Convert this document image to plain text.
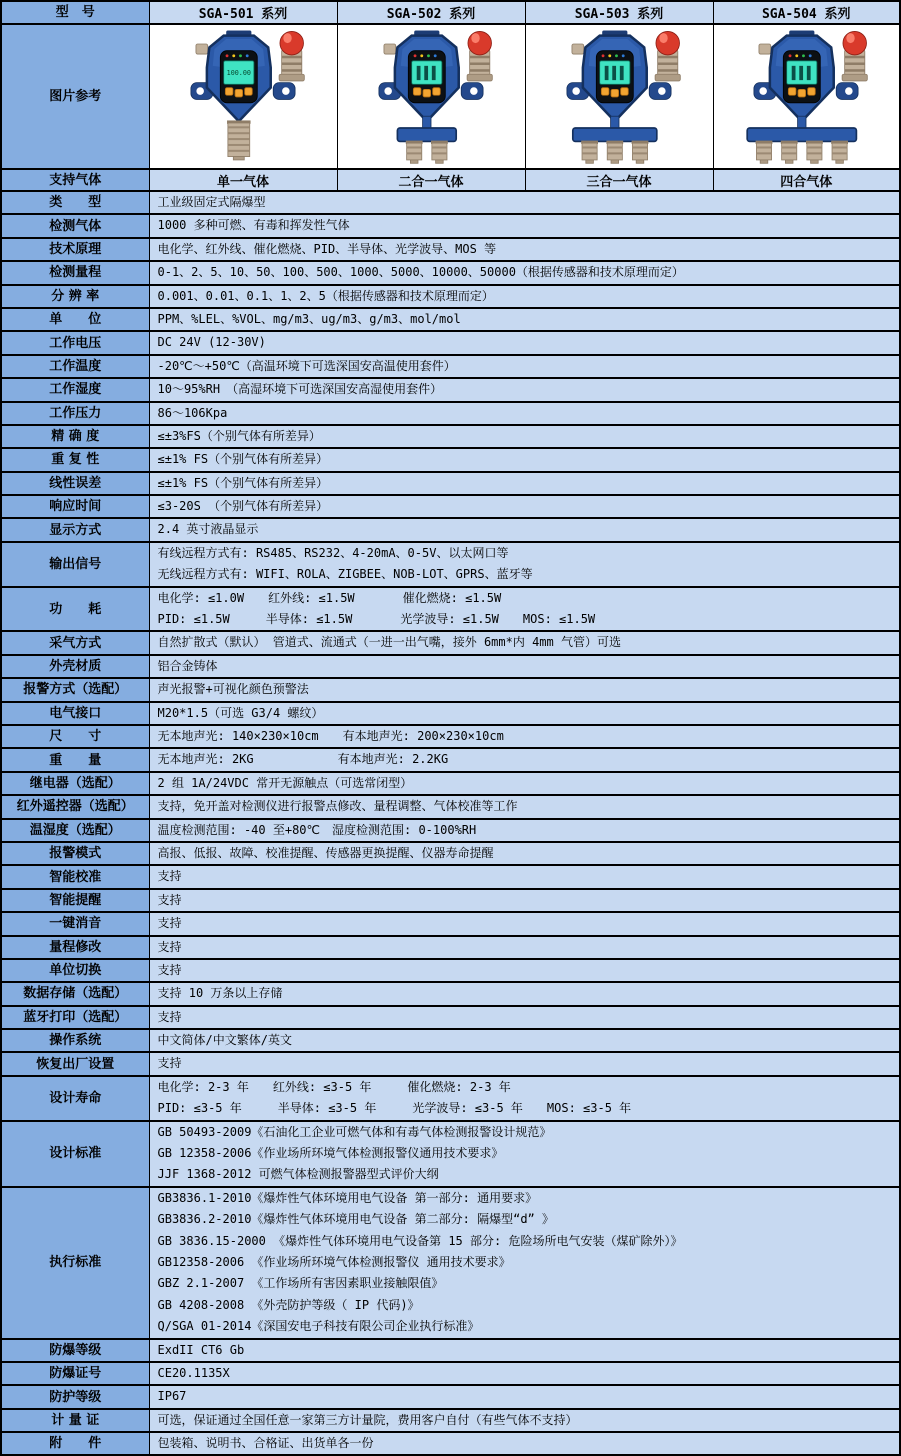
型　号	SGA-501 系列	SGA-502 系列	SGA-503 系列	SGA-504 系列
图片参考	100.00

支持气体	单一气体	二合一气体	三合一气体	四合气体
类　　型	工业级固定式隔爆型			

检测气体	1000 多种可燃、有毒和挥发性气体			

技术原理	电化学、红外线、催化燃烧、PID、半导体、光学波导、MOS 等			

检测量程	0-1、2、5、10、50、100、500、1000、5000、10000、50000（根据传感器和技术原理而定）			

分 辨 率	0.001、0.01、0.1、1、2、5（根据传感器和技术原理而定）			

单　　位	PPM、%LEL、%VOL、mg/m3、ug/m3、g/m3、mol/mol			

工作电压	DC 24V (12-30V)			

工作温度	-20℃～+50℃（高温环境下可选深国安高温使用套件）			

工作湿度	10～95%RH　（高湿环境下可选深国安高湿使用套件）			

工作压力	86～106Kpa			

精 确 度	≤±3%FS（个别气体有所差异）			

重 复 性	≤±1% FS（个别气体有所差异）			

线性误差	≤±1% FS（个别气体有所差异）			

响应时间	≤3-20S （个别气体有所差异）			

显示方式	2.4 英寸液晶显示			

输出信号	有线远程方式有: RS485、RS232、4-20mA、0-5V、以太网口等
无线远程方式有: WIFI、ROLA、ZIGBEE、NOB-LOT、GPRS、蓝牙等			

功　　耗	电化学: ≤1.0W　　红外线: ≤1.5W　　　　催化燃烧: ≤1.5W
PID: ≤1.5W　　　半导体: ≤1.5W　　　　光学波导: ≤1.5W　　MOS: ≤1.5W			

采气方式	自然扩散式（默认） 管道式、流通式（一进一出气嘴，接外 6mm*内 4mm 气管）可选			

外壳材质	铝合金铸体			

报警方式（选配）	声光报警+可视化颜色预警法			

电气接口	M20*1.5（可选 G3/4 螺纹）			

尺　　寸	无本地声光: 140×230×10cm　　有本地声光: 200×230×10cm			

重　　量	无本地声光: 2KG　　　　　　　有本地声光: 2.2KG			

继电器（选配）	2 组 1A/24VDC 常开无源触点（可选常闭型）			

红外遥控器（选配）	支持，免开盖对检测仪进行报警点修改、量程调整、气体校准等工作			

温湿度（选配）	温度检测范围: -40 至+80℃　湿度检测范围: 0-100%RH			

报警模式	高报、低报、故障、校准提醒、传感器更换提醒、仪器寿命提醒			

智能校准	支持			

智能提醒	支持			

一键消音	支持			

量程修改	支持			

单位切换	支持			

数据存储（选配）	支持 10 万条以上存储			

蓝牙打印（选配）	支持			

操作系统	中文简体/中文繁体/英文			

恢复出厂设置	支持			

设计寿命	电化学: 2-3 年　　红外线: ≤3-5 年　　　催化燃烧: 2-3 年
PID: ≤3-5 年　　　半导体: ≤3-5 年　　　光学波导: ≤3-5 年　　MOS: ≤3-5 年			

设计标准	GB 50493-2009《石油化工企业可燃气体和有毒气体检测报警设计规范》
GB 12358-2006《作业场所环境气体检测报警仪通用技术要求》
JJF 1368-2012 可燃气体检测报警器型式评价大纲			

执行标准	
GB3836.1-2010《爆炸性气体环境用电气设备 第一部分: 通用要求》
GB3836.2-2010《爆炸性气体环境用电气设备 第二部分: 隔爆型“d” 》
GB 3836.15-2000 《爆炸性气体环境用电气设备第 15 部分: 危险场所电气安装（煤矿除外）》
GB12358-2006 《作业场所环境气体检测报警仪 通用技术要求》
GBZ 2.1-2007 《工作场所有害因素职业接触限值》
GB 4208-2008 《外壳防护等级（ IP 代码)》
Q/SGA 01-2014《深国安电子科技有限公司企业执行标准》

防爆等级	ExdII CT6 Gb			

防爆证号	CE20.1135X			

防护等级	IP67			

计 量 证	可选，保证通过全国任意一家第三方计量院，费用客户自付（有些气体不支持）			

附　　件	包装箱、说明书、合格证、出货单各一份			
